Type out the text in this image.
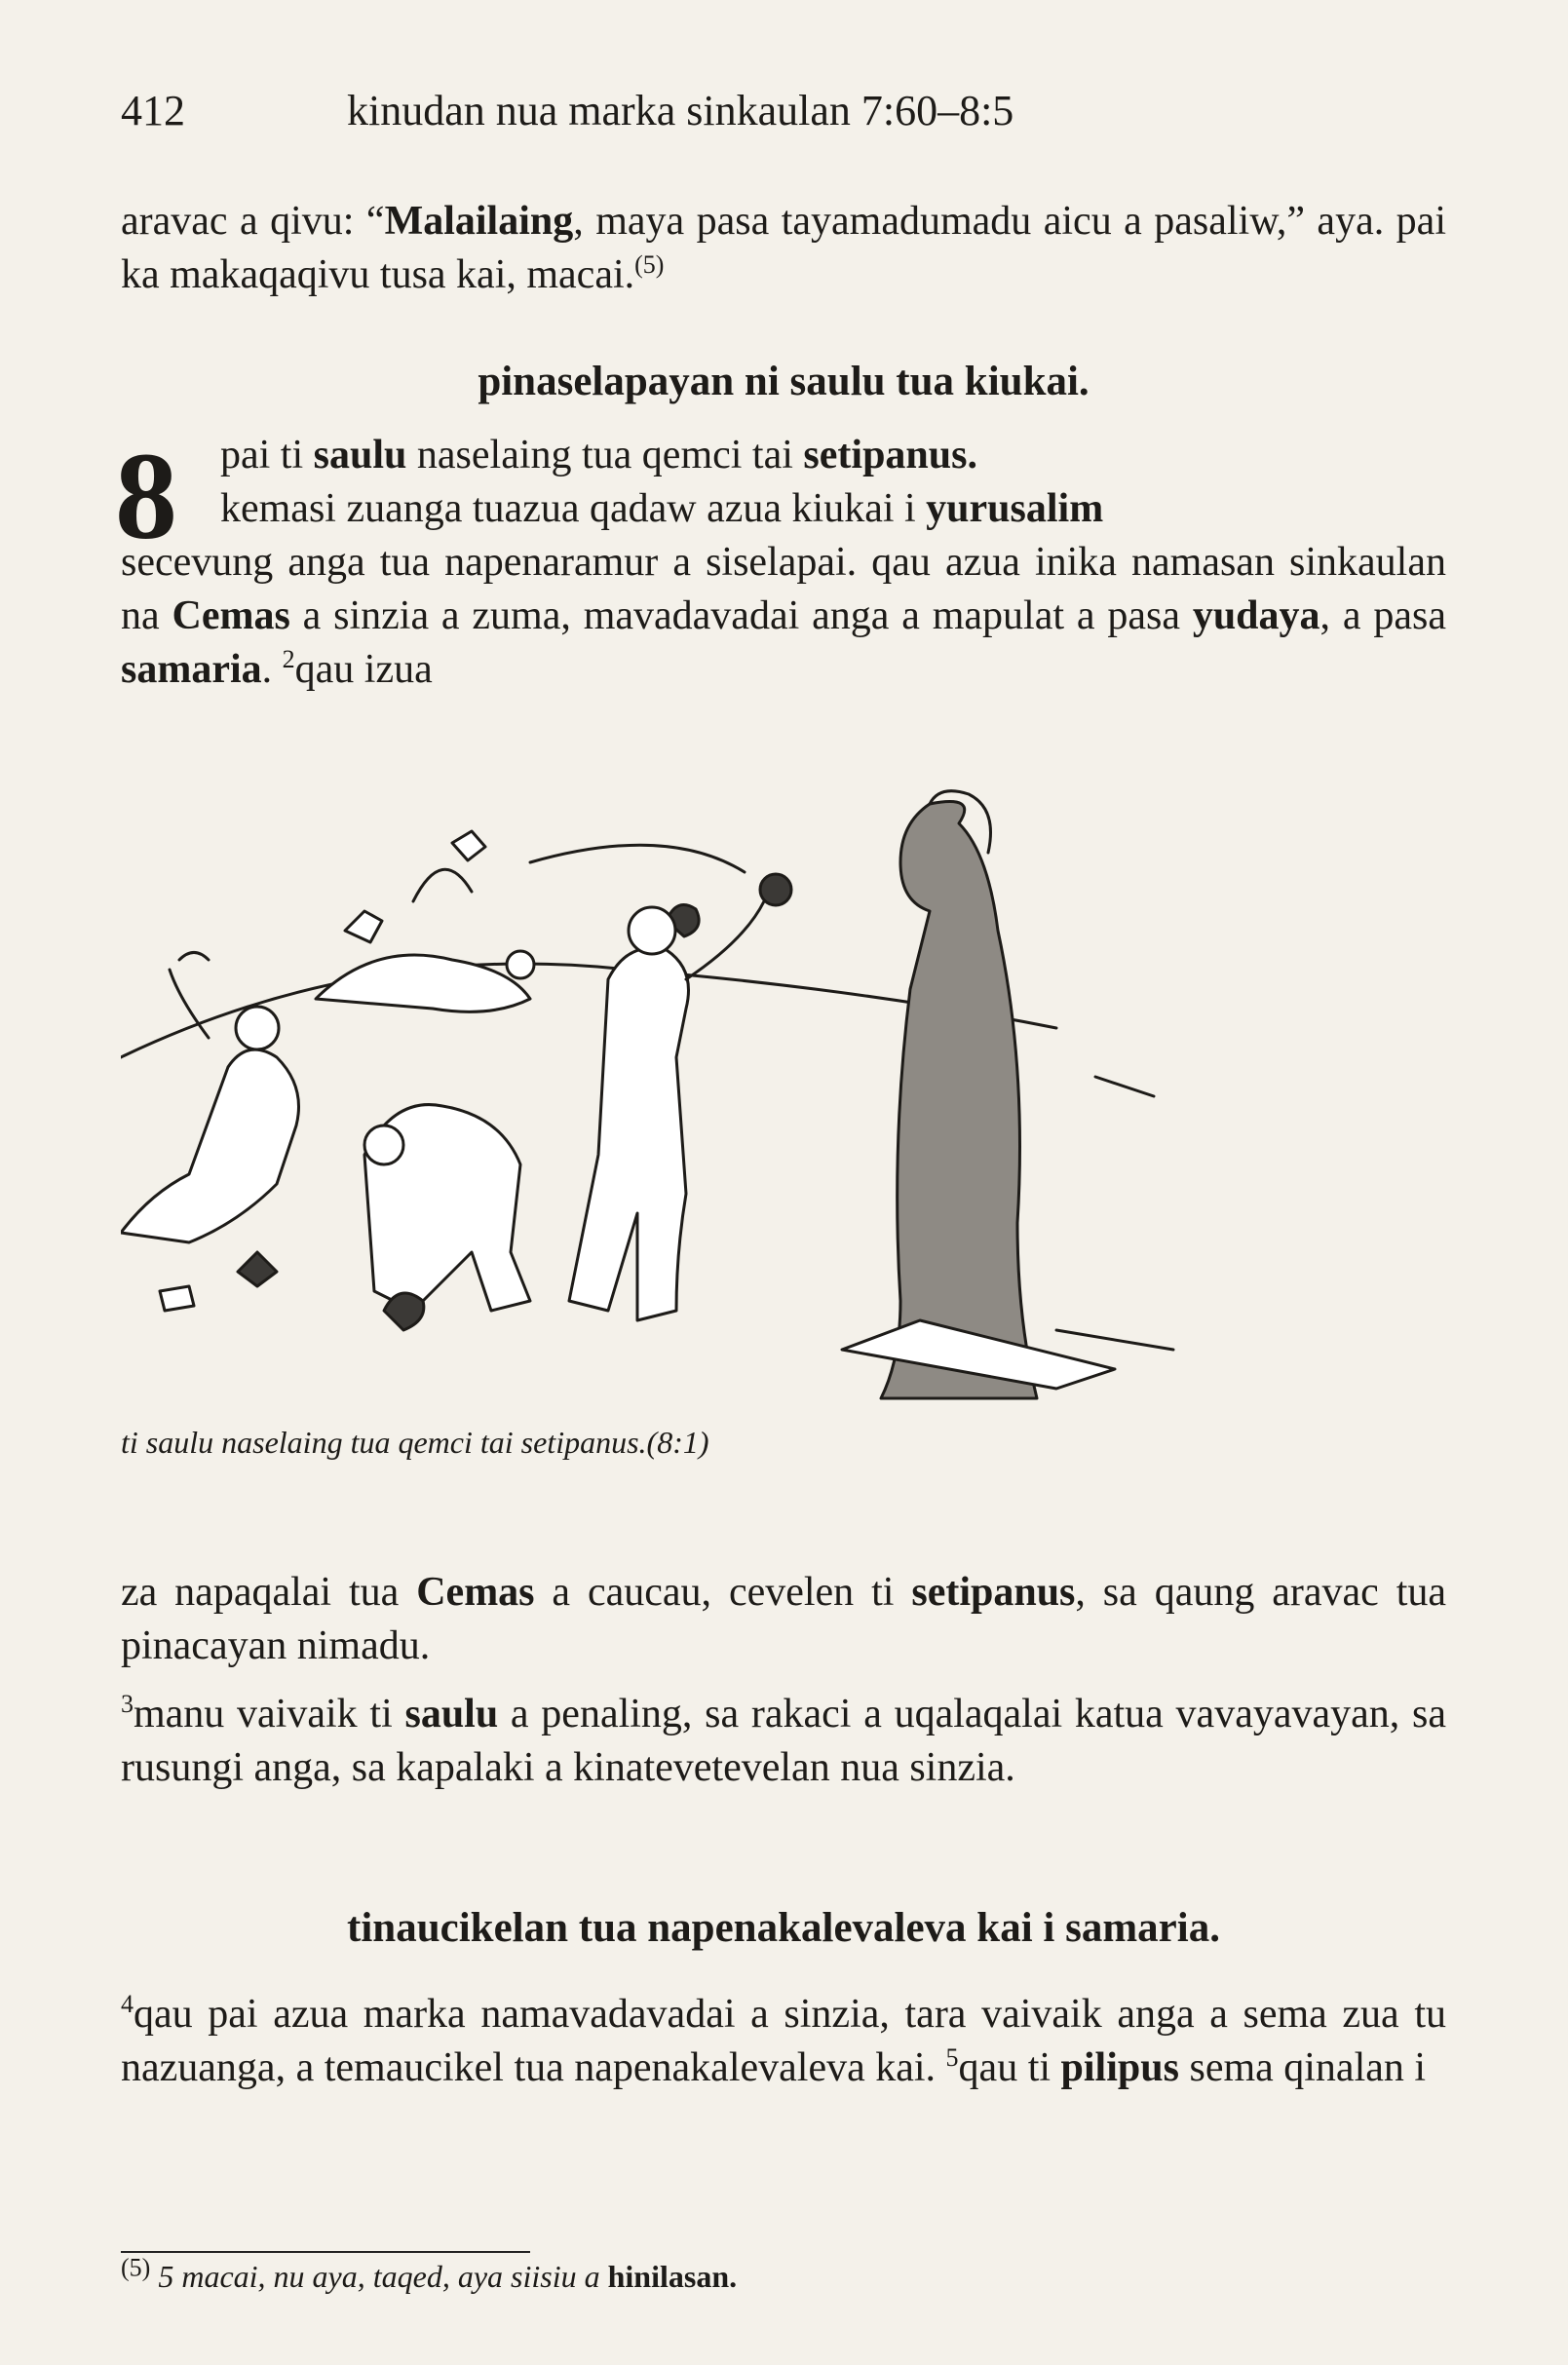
412	kinudan nua marka sinkaulan 7:60–8:5
aravac a qivu: “Malailaing, maya pasa tayamadumadu aicu a pasaliw,” aya. pai ka makaqaqivu tusa kai, macai.$^{(5)}$
pinaselapayan ni saulu tua kiukai.
8 pai ti saulu naselaing tua qemci tai setipanus.
kemasi zuanga tuazua qadaw azua kiukai i yurusalim
secevung anga tua napenaramur a siselapai. qau azua inika namasan sinkaulan na Cemas a sinzia a zuma, mavadavadai anga a mapulat a pasa yudaya, a pasa samaria. $^2$qau izua
ti saulu naselaing tua qemci tai setipanus.(8:1)
za napaqalai tua Cemas a caucau, cevelen ti setipanus, sa qaung aravac tua pinacayan nimadu.
$^3$manu vaivaik ti saulu a penaling, sa rakaci a uqalaqalai katua vavayavayan, sa rusungi anga, sa kapalaki a kinatevetevelan nua sinzia.
tinaucikelan tua napenakalevaleva kai i samaria.
$^4$qau pai azua marka namavadavadai a sinzia, tara vaivaik anga a sema zua tu nazuanga, a temaucikel tua napenakalevaleva kai. $^5$qau ti pilipus sema qinalan i
$^{(5)}$ 5 macai, nu aya, taqed, aya siisiu a hinilasan.
